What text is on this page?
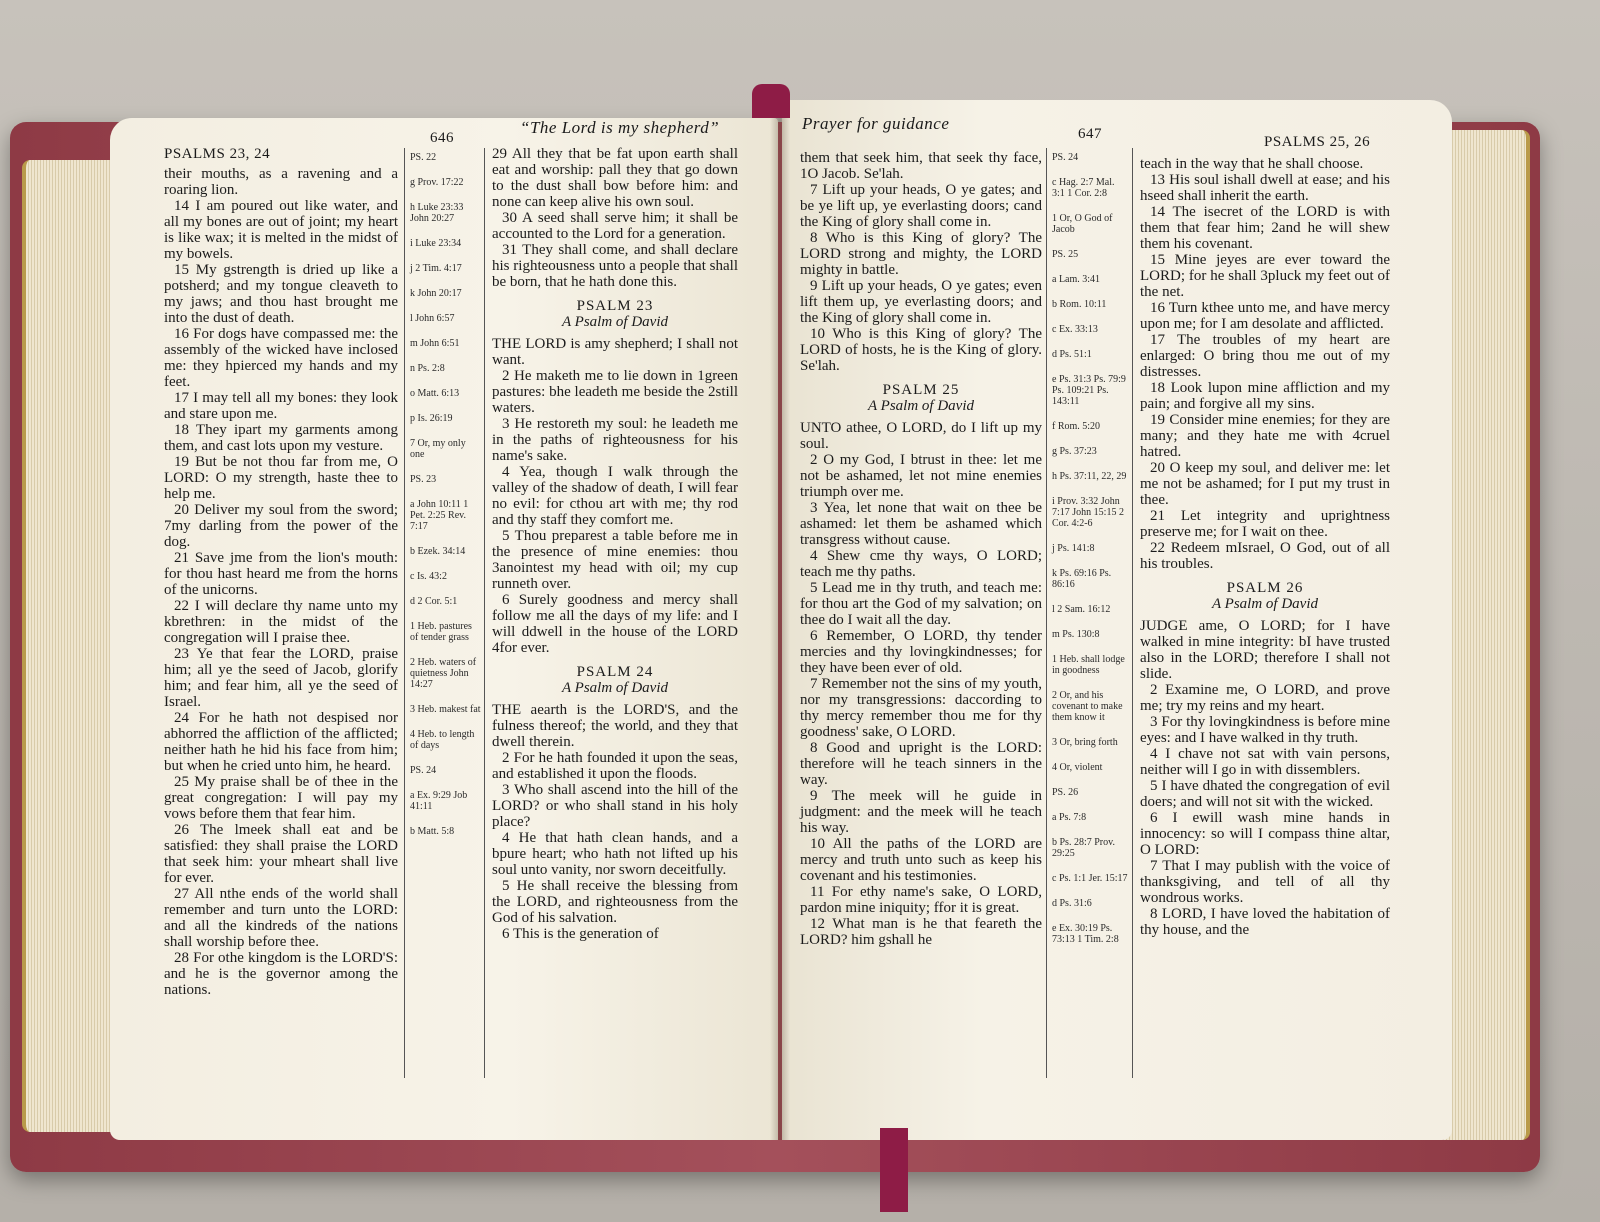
PSALMS 23, 24
646
“The Lord is my shepherd”
their mouths, as a ravening and a roaring lion.
14 I am poured out like water, and all my bones are out of joint; my heart is like wax; it is melted in the midst of my bowels.
15 My gstrength is dried up like a potsherd; and my tongue cleaveth to my jaws; and thou hast brought me into the dust of death.
16 For dogs have compassed me: the assembly of the wicked have inclosed me: they hpierced my hands and my feet.
17 I may tell all my bones: they look and stare upon me.
18 They ipart my garments among them, and cast lots upon my vesture.
19 But be not thou far from me, O LORD: O my strength, haste thee to help me.
20 Deliver my soul from the sword; 7my darling from the power of the dog.
21 Save jme from the lion's mouth: for thou hast heard me from the horns of the unicorns.
22 I will declare thy name unto my kbrethren: in the midst of the congregation will I praise thee.
23 Ye that fear the LORD, praise him; all ye the seed of Jacob, glorify him; and fear him, all ye the seed of Israel.
24 For he hath not despised nor abhorred the affliction of the afflicted; neither hath he hid his face from him; but when he cried unto him, he heard.
25 My praise shall be of thee in the great congregation: I will pay my vows before them that fear him.
26 The lmeek shall eat and be satisfied: they shall praise the LORD that seek him: your mheart shall live for ever.
27 All nthe ends of the world shall remember and turn unto the LORD: and all the kindreds of the nations shall worship before thee.
28 For othe kingdom is the LORD'S: and he is the governor among the nations.
PS. 22
g Prov. 17:22
h Luke 23:33 John 20:27
i Luke 23:34
j 2 Tim. 4:17
k John 20:17
l John 6:57
m John 6:51
n Ps. 2:8
o Matt. 6:13
p Is. 26:19
7 Or, my only one
PS. 23
a John 10:11 1 Pet. 2:25 Rev. 7:17
b Ezek. 34:14
c Is. 43:2
d 2 Cor. 5:1
1 Heb. pastures of tender grass
2 Heb. waters of quietness John 14:27
3 Heb. makest fat
4 Heb. to length of days
PS. 24
a Ex. 9:29 Job 41:11
b Matt. 5:8
29 All they that be fat upon earth shall eat and worship: pall they that go down to the dust shall bow before him: and none can keep alive his own soul.
30 A seed shall serve him; it shall be accounted to the Lord for a generation.
31 They shall come, and shall declare his righteousness unto a people that shall be born, that he hath done this.
PSALM 23
A Psalm of David
THE LORD is amy shepherd; I shall not want.
2 He maketh me to lie down in 1green pastures: bhe leadeth me beside the 2still waters.
3 He restoreth my soul: he leadeth me in the paths of righteousness for his name's sake.
4 Yea, though I walk through the valley of the shadow of death, I will fear no evil: for cthou art with me; thy rod and thy staff they comfort me.
5 Thou preparest a table before me in the presence of mine enemies: thou 3anointest my head with oil; my cup runneth over.
6 Surely goodness and mercy shall follow me all the days of my life: and I will ddwell in the house of the LORD 4for ever.
PSALM 24
A Psalm of David
THE aearth is the LORD'S, and the fulness thereof; the world, and they that dwell therein.
2 For he hath founded it upon the seas, and established it upon the floods.
3 Who shall ascend into the hill of the LORD? or who shall stand in his holy place?
4 He that hath clean hands, and a bpure heart; who hath not lifted up his soul unto vanity, nor sworn deceitfully.
5 He shall receive the blessing from the LORD, and righteousness from the God of his salvation.
6 This is the generation of
Prayer for guidance
647	PSALMS 25, 26
them that seek him, that seek thy face, 1O Jacob. Se'lah.
7 Lift up your heads, O ye gates; and be ye lift up, ye everlasting doors; cand the King of glory shall come in.
8 Who is this King of glory? The LORD strong and mighty, the LORD mighty in battle.
9 Lift up your heads, O ye gates; even lift them up, ye everlasting doors; and the King of glory shall come in.
10 Who is this King of glory? The LORD of hosts, he is the King of glory. Se'lah.
PSALM 25
A Psalm of David
UNTO athee, O LORD, do I lift up my soul.
2 O my God, I btrust in thee: let me not be ashamed, let not mine enemies triumph over me.
3 Yea, let none that wait on thee be ashamed: let them be ashamed which transgress without cause.
4 Shew cme thy ways, O LORD; teach me thy paths.
5 Lead me in thy truth, and teach me: for thou art the God of my salvation; on thee do I wait all the day.
6 Remember, O LORD, thy tender mercies and thy lovingkindnesses; for they have been ever of old.
7 Remember not the sins of my youth, nor my transgressions: daccording to thy mercy remember thou me for thy goodness' sake, O LORD.
8 Good and upright is the LORD: therefore will he teach sinners in the way.
9 The meek will he guide in judgment: and the meek will he teach his way.
10 All the paths of the LORD are mercy and truth unto such as keep his covenant and his testimonies.
11 For ethy name's sake, O LORD, pardon mine iniquity; ffor it is great.
12 What man is he that feareth the LORD? him gshall he
PS. 24
c Hag. 2:7 Mal. 3:1 1 Cor. 2:8
1 Or, O God of Jacob
PS. 25
a Lam. 3:41
b Rom. 10:11
c Ex. 33:13
d Ps. 51:1
e Ps. 31:3 Ps. 79:9 Ps. 109:21 Ps. 143:11
f Rom. 5:20
g Ps. 37:23
h Ps. 37:11, 22, 29
i Prov. 3:32 John 7:17 John 15:15 2 Cor. 4:2-6
j Ps. 141:8
k Ps. 69:16 Ps. 86:16
l 2 Sam. 16:12
m Ps. 130:8
1 Heb. shall lodge in goodness
2 Or, and his covenant to make them know it
3 Or, bring forth
4 Or, violent
PS. 26
a Ps. 7:8
b Ps. 28:7 Prov. 29:25
c Ps. 1:1 Jer. 15:17
d Ps. 31:6
e Ex. 30:19 Ps. 73:13 1 Tim. 2:8
teach in the way that he shall choose.
13 His soul ishall dwell at ease; and his hseed shall inherit the earth.
14 The isecret of the LORD is with them that fear him; 2and he will shew them his covenant.
15 Mine jeyes are ever toward the LORD; for he shall 3pluck my feet out of the net.
16 Turn kthee unto me, and have mercy upon me; for I am desolate and afflicted.
17 The troubles of my heart are enlarged: O bring thou me out of my distresses.
18 Look lupon mine affliction and my pain; and forgive all my sins.
19 Consider mine enemies; for they are many; and they hate me with 4cruel hatred.
20 O keep my soul, and deliver me: let me not be ashamed; for I put my trust in thee.
21 Let integrity and uprightness preserve me; for I wait on thee.
22 Redeem mIsrael, O God, out of all his troubles.
PSALM 26
A Psalm of David
JUDGE ame, O LORD; for I have walked in mine integrity: bI have trusted also in the LORD; therefore I shall not slide.
2 Examine me, O LORD, and prove me; try my reins and my heart.
3 For thy lovingkindness is before mine eyes: and I have walked in thy truth.
4 I chave not sat with vain persons, neither will I go in with dissemblers.
5 I have dhated the congregation of evil doers; and will not sit with the wicked.
6 I ewill wash mine hands in innocency: so will I compass thine altar, O LORD:
7 That I may publish with the voice of thanksgiving, and tell of all thy wondrous works.
8 LORD, I have loved the habitation of thy house, and the
